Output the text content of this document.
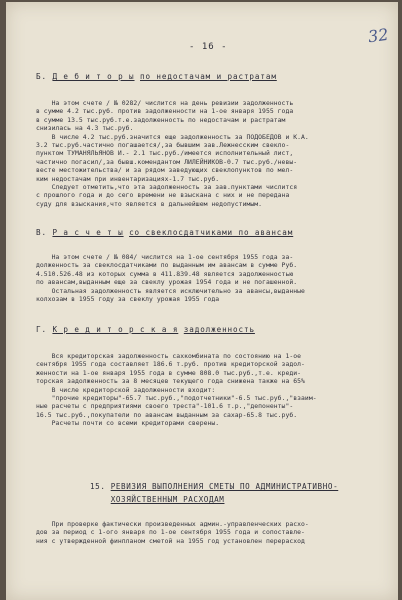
- 16 -
32
Б. Д е б и т о р ы по недостачам и растратам
На этом счете / № 0282/ числится на день ревизии задолженность
в сумме 4.2 тыс.руб. против задолженности на 1-ое января 1955 года
в сумме 13.5 тыс.руб.т.е.задолженность по недостачам и растратам
снизилась на 4.3 тыс.руб.
В числе 4.2 тыс.руб.значится еще задолженность за ПОДОБЕДОВ и К.А.
3.2 тыс.руб.частично погашается/,за бывшим зав.Лежнесским свекло-
пунктом ТУМАНЯЛЬЯНОВ И.- 2.1 тыс.руб./имеется исполнительный лист,
частично погасил/,за бывш.комендантом ЛИЛЕЙНИКОВ-0.7 тыс.руб./невы-
весте местожительства/ и за рядом заведующих свеклопунктов по мел-
ким недостачам при инвентаризациях-1.7 тыс.руб.
Следует отметить,что эта задолженность за зав.пунктами числится
с прошлого года и до сего времени не взыскана с них и не передана
суду для взыскания,что является в дальнейшем недопустимым.
В. Р а с ч е т ы со свеклосдатчиками по авансам
На этом счете / № 084/ числится на 1-ое сентября 1955 года за-
долженность за свеклосдатчиками по выданным им авансам в сумме Руб.
4.510.526.48 из которых сумма в 411.839.48 является задолженностью
по авансам,выданным еще за свеклу урожая 1954 года и не погашенной.
Остальная задолженность является исключительно за авансы,выданные
колхозам в 1955 году за свеклу урожая 1955 года
Г. К р е д и т о р с к а я задолженность
Вся кредиторская задолженность сахкомбината по состоянию на 1-ое
сентября 1955 года составляет 186.6 т.руб. против кредиторской задол-
женности на 1-ое января 1955 года в сумме 808.0 тыс.руб.,т.е. креди-
торская задолженность за 8 месяцев текущего года снижена также на 65%
В числе кредиторской задолженности входит:
"прочие кредиторы"-65.7 тыс.руб.,"подотчетники"-6.5 тыс.руб.,"взаим-
ные расчеты с предприятиями своего треста"-101.6 т.р.,"депоненты"-
16.5 тыс.руб.,покупатели по авансам выданным за сахар-65.8 тыс.руб.
Расчеты почти со всеми кредиторами сверены.
15. РЕВИЗИЯ ВЫПОЛНЕНИЯ СМЕТЫ ПО АДМИНИСТРАТИВНО-
ХОЗЯЙСТВЕННЫМ РАСХОДАМ
При проверке фактически произведенных админ.-управленческих расхо-
дов за период с 1-ого января по 1-ое сентября 1955 года и сопоставле-
ния с утвержденной финпланом сметой на 1955 год установлен перерасход
